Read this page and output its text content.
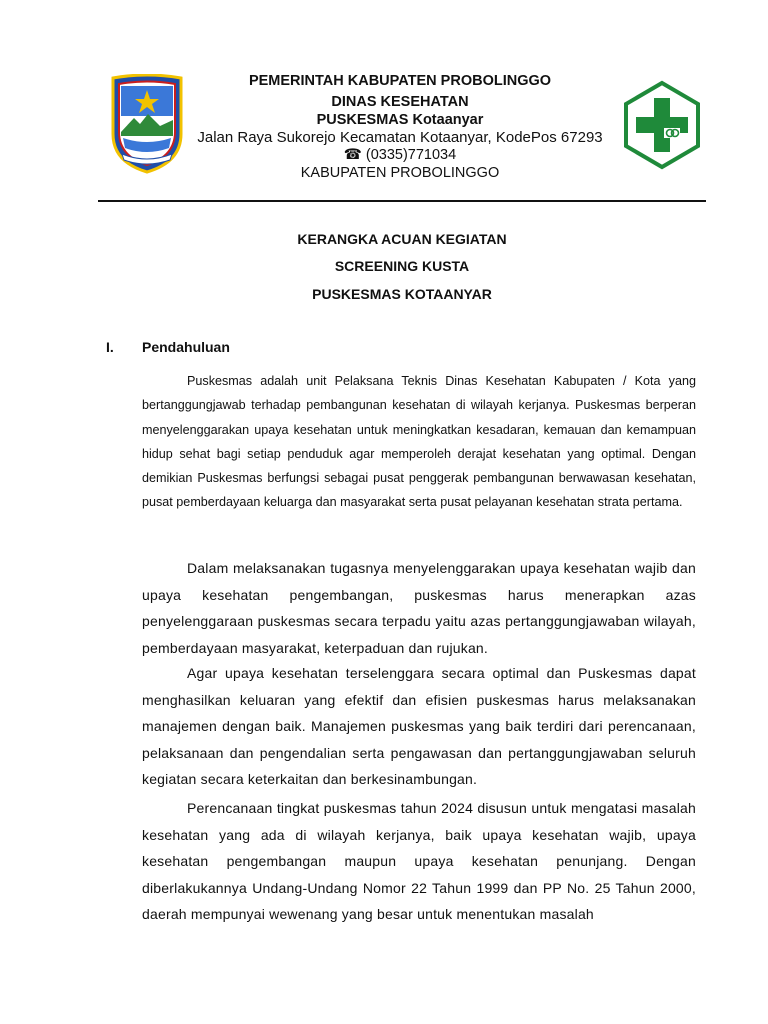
PEMERINTAH KABUPATEN PROBOLINGGO
DINAS KESEHATAN
PUSKESMAS Kotaanyar
Jalan Raya Sukorejo Kecamatan Kotaanyar, KodePos 67293
☎ (0335)771034
KABUPATEN PROBOLINGGO
KERANGKA ACUAN KEGIATAN
SCREENING KUSTA
PUSKESMAS KOTAANYAR
I. Pendahuluan

Puskesmas adalah unit Pelaksana Teknis Dinas Kesehatan Kabupaten / Kota yang bertanggungjawab terhadap pembangunan kesehatan di wilayah kerjanya. Puskesmas berperan menyelenggarakan upaya kesehatan untuk meningkatkan kesadaran, kemauan dan kemampuan hidup sehat bagi setiap penduduk agar memperoleh derajat kesehatan yang optimal. Dengan demikian Puskesmas berfungsi sebagai pusat penggerak pembangunan berwawasan kesehatan, pusat pemberdayaan keluarga dan masyarakat serta pusat pelayanan kesehatan strata pertama.

Dalam melaksanakan tugasnya menyelenggarakan upaya kesehatan wajib dan upaya kesehatan pengembangan, puskesmas harus menerapkan azas penyelenggaraan puskesmas secara terpadu yaitu azas pertanggungjawaban wilayah, pemberdayaan masyarakat, keterpaduan dan rujukan.

Agar upaya kesehatan terselenggara secara optimal dan Puskesmas dapat menghasilkan keluaran yang efektif dan efisien puskesmas harus melaksanakan manajemen dengan baik. Manajemen puskesmas yang baik terdiri dari perencanaan, pelaksanaan dan pengendalian serta pengawasan dan pertanggungjawaban seluruh kegiatan secara keterkaitan dan berkesinambungan.

Perencanaan tingkat puskesmas tahun 2024 disusun untuk mengatasi masalah kesehatan yang ada di wilayah kerjanya, baik upaya kesehatan wajib, upaya kesehatan pengembangan maupun upaya kesehatan penunjang. Dengan diberlakukannya Undang-Undang Nomor 22 Tahun 1999 dan PP No. 25 Tahun 2000, daerah mempunyai wewenang yang besar untuk menentukan masalah
